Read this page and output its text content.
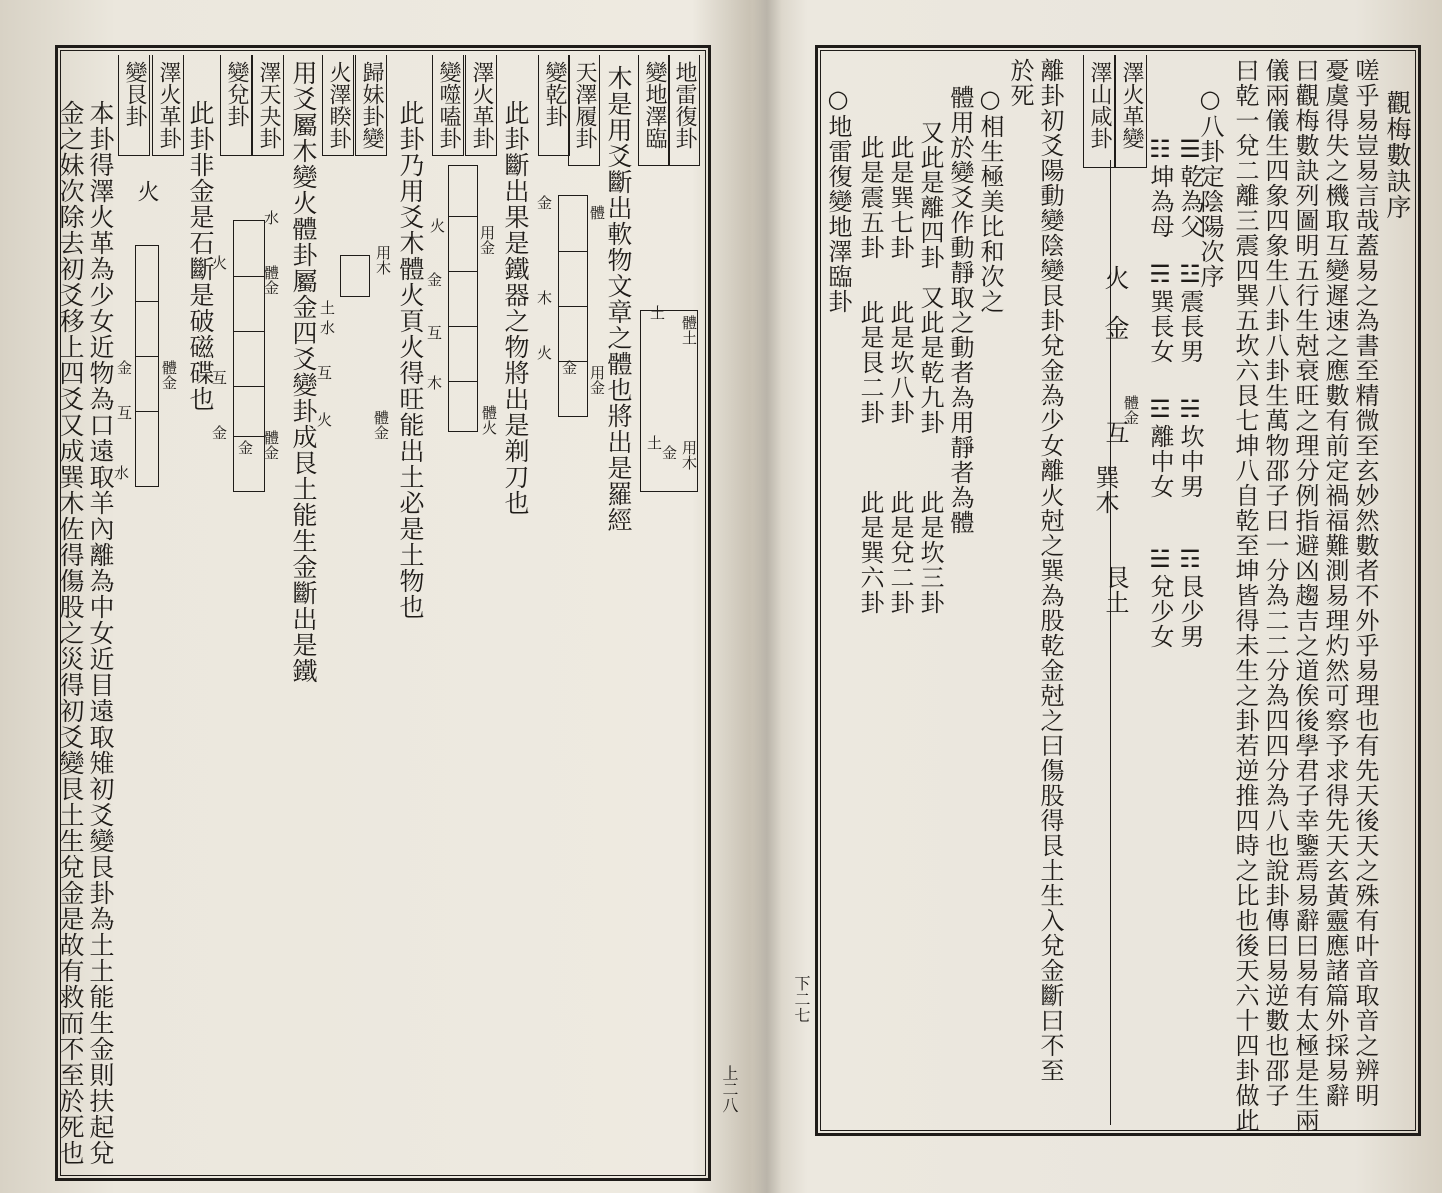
地雷復卦
變地澤臨
天澤履卦
變乾卦
澤火革卦
變噬嗑卦
歸妹卦變
火澤睽卦
澤天夬卦
變兌卦
澤火革卦
變艮卦	木是用爻斷出軟物文章之體也將出是羅經
此卦斷出果是鐵器之物將出是剃刀也
此卦乃用爻木體火頁火得旺能出土必是土物也
用爻屬木變火體卦屬金四爻變卦成艮土能生金斷出是鐵
此卦非金是石斷是破磁碟也
本卦得澤火革為少女近物為口遠取羊內離為中女近目遠取雉初爻變艮卦為土土能生金則扶起兌
金之妹次除去初爻移上四爻又成巽木佐得傷股之災得初爻變艮土生兌金是故有救而不至於死也	體土
用木
土
金
土
體
用金
金
木
火
體火
用金
金
火
金
互
木
體金
用木
土
水
互
火
水
體金
金 體金
金
互
火
體金
金
互
水
火
上二八
觀梅數訣序
嗟乎易豈易言哉蓋易之為書至精微至玄妙然數者不外乎易理也有先天後天之殊有叶音取音之辨明
憂虞得失之機取互變遲速之應數有前定禍福難測易理灼然可察予求得先天玄黃靈應諸篇外採易辭
曰觀梅數訣列圖明五行生尅衰旺之理分例指避凶趨吉之道俟後學君子幸鑒焉易辭曰易有太極是生兩
儀兩儀生四象四象生八卦八卦生萬物邵子曰一分為二二分為四四分為八也說卦傳曰易逆數也邵子
曰乾一兌二離三震四巽五坎六艮七坤八自乾至坤皆得未生之卦若逆推四時之比也後天六十四卦做此
○八卦定陰陽次序
☰乾為父
☳震長男
☵坎中男
☶艮少男
☷坤為母
☴巽長女
☲離中女
☱兌少女
澤火革變
澤山咸卦
火
金
體金
互
巽木
艮土
離卦初爻陽動變陰變艮卦兌金為少女離火尅之巽為股乾金尅之曰傷股得艮土生入兌金斷曰不至
於死
○相生極美比和次之
體用於變爻作動靜取之動者為用靜者為體
又此是離四卦
又此是乾九卦
此是坎三卦
此是巽七卦
此是坎八卦
此是兌二卦
此是震五卦
此是艮二卦
此是巽六卦
○地雷復變地澤臨卦
下二七
